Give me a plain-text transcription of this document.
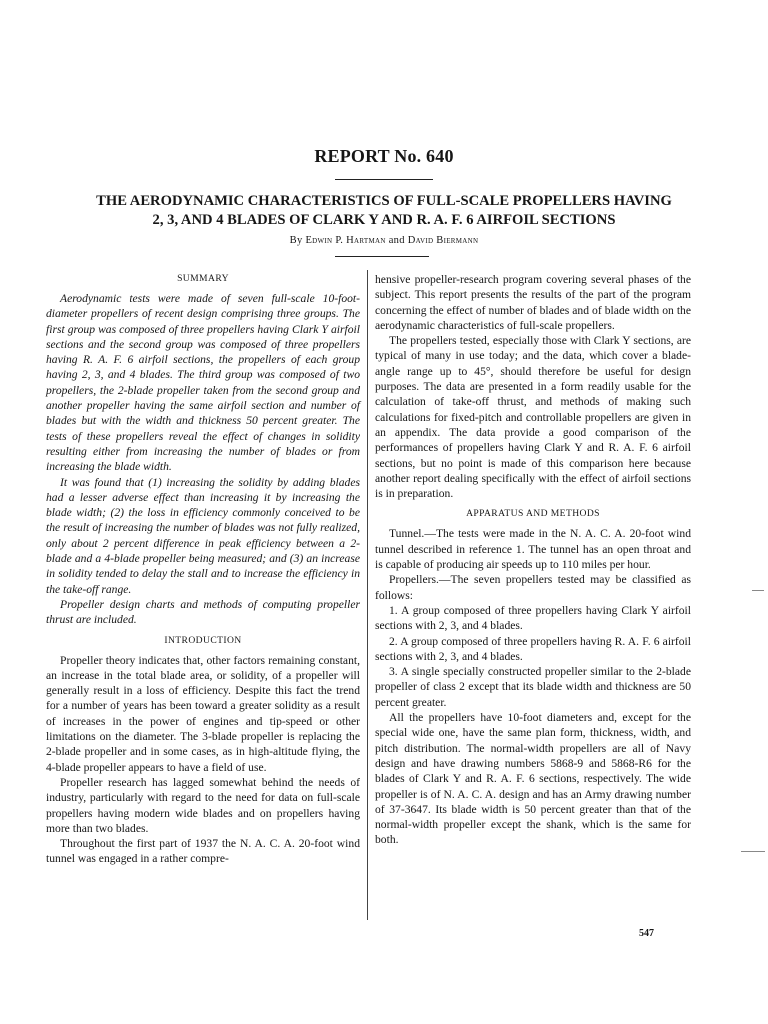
REPORT No. 640
THE AERODYNAMIC CHARACTERISTICS OF FULL-SCALE PROPELLERS HAVING
2, 3, AND 4 BLADES OF CLARK Y AND R. A. F. 6 AIRFOIL SECTIONS
By Edwin P. Hartman and David Biermann
SUMMARY

Aerodynamic tests were made of seven full-scale 10-foot-diameter propellers of recent design comprising three groups. The first group was composed of three propellers having Clark Y airfoil sections and the second group was composed of three propellers having R. A. F. 6 airfoil sections, the propellers of each group having 2, 3, and 4 blades. The third group was composed of two propellers, the 2-blade propeller taken from the second group and another propeller having the same airfoil section and number of blades but with the width and thickness 50 percent greater. The tests of these propellers reveal the effect of changes in solidity resulting either from increasing the number of blades or from increasing the blade width.

It was found that (1) increasing the solidity by adding blades had a lesser adverse effect than increasing it by increasing the blade width; (2) the loss in efficiency commonly conceived to be the result of increasing the number of blades was not fully realized, only about 2 percent difference in peak efficiency between a 2-blade and a 4-blade propeller being measured; and (3) an increase in solidity tended to delay the stall and to increase the efficiency in the take-off range.

Propeller design charts and methods of computing propeller thrust are included.

INTRODUCTION

Propeller theory indicates that, other factors remaining constant, an increase in the total blade area, or solidity, of a propeller will generally result in a loss of efficiency. Despite this fact the trend for a number of years has been toward a greater solidity as a result of increases in the power of engines and tip-speed or other limitations on the diameter. The 3-blade propeller is replacing the 2-blade propeller and in some cases, as in high-altitude flying, the 4-blade propeller appears to have a field of use.

Propeller research has lagged somewhat behind the needs of industry, particularly with regard to the need for data on full-scale propellers having modern wide blades and on propellers having more than two blades.

Throughout the first part of 1937 the N. A. C. A. 20-foot wind tunnel was engaged in a rather compre-

hensive propeller-research program covering several phases of the subject. This report presents the results of the part of the program concerning the effect of number of blades and of blade width on the aerodynamic characteristics of full-scale propellers.

The propellers tested, especially those with Clark Y sections, are typical of many in use today; and the data, which cover a blade-angle range up to 45°, should therefore be useful for design purposes. The data are presented in a form readily usable for the calculation of take-off thrust, and methods of making such calculations for fixed-pitch and controllable propellers are given in an appendix. The data provide a good comparison of the performances of propellers having Clark Y and R. A. F. 6 airfoil sections, but no point is made of this comparison here because another report dealing specifically with the effect of airfoil sections is in preparation.

APPARATUS AND METHODS

Tunnel.—The tests were made in the N. A. C. A. 20-foot wind tunnel described in reference 1. The tunnel has an open throat and is capable of producing air speeds up to 110 miles per hour.

Propellers.—The seven propellers tested may be classified as follows:

1. A group composed of three propellers having Clark Y airfoil sections with 2, 3, and 4 blades.

2. A group composed of three propellers having R. A. F. 6 airfoil sections with 2, 3, and 4 blades.

3. A single specially constructed propeller similar to the 2-blade propeller of class 2 except that its blade width and thickness are 50 percent greater.

All the propellers have 10-foot diameters and, except for the special wide one, have the same plan form, thickness, width, and pitch distribution. The normal-width propellers are all of Navy design and have drawing numbers 5868-9 and 5868-R6 for the blades of Clark Y and R. A. F. 6 sections, respectively. The wide propeller is of N. A. C. A. design and has an Army drawing number of 37-3647. Its blade width is 50 percent greater than that of the normal-width propeller except the shank, which is the same for both.

547
